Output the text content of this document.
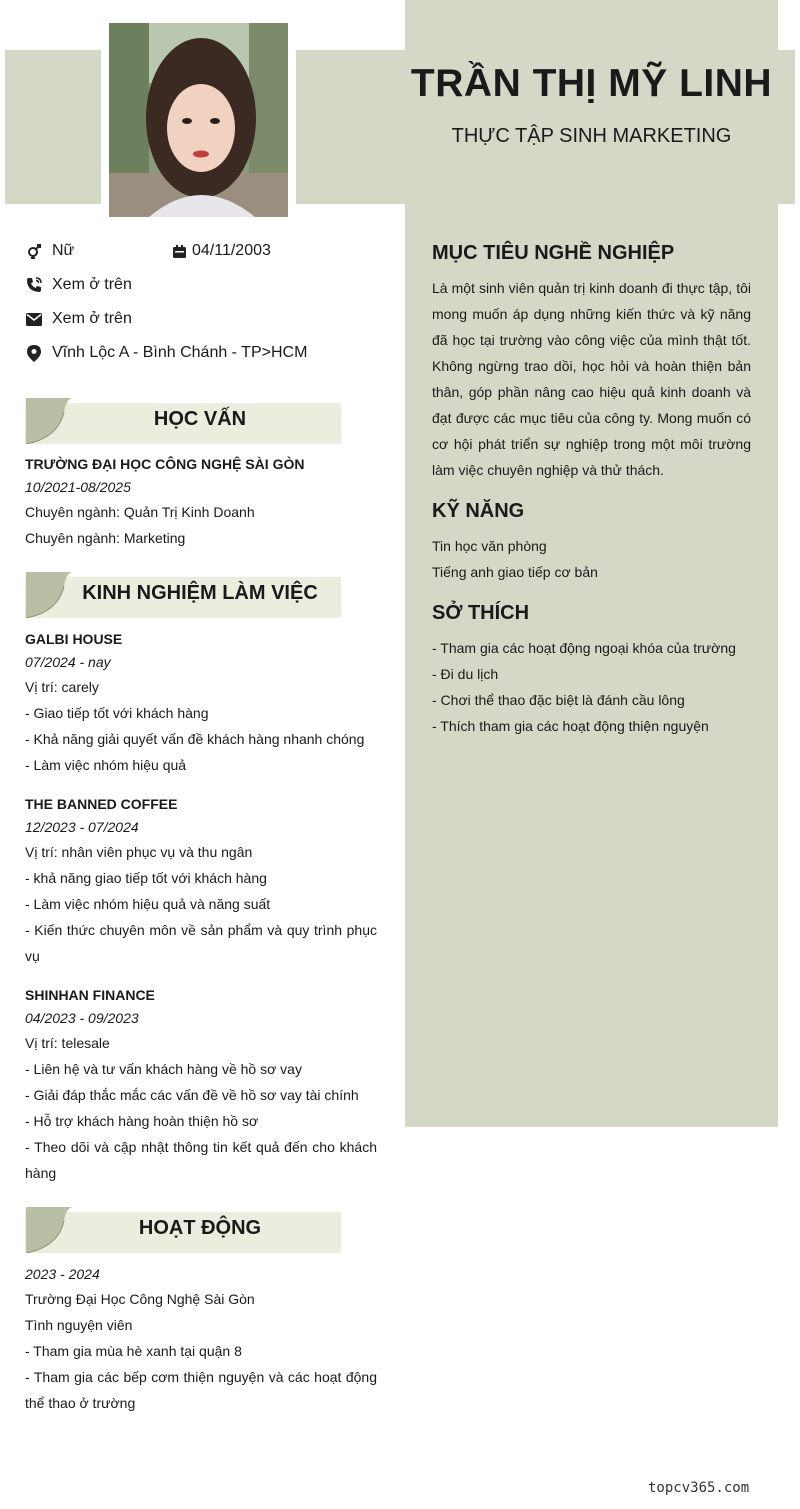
TRẦN THỊ MỸ LINH
THỰC TẬP SINH MARKETING
Nữ	04/11/2003
Xem ở trên
Xem ở trên
Vĩnh Lộc A - Bình Chánh - TP>HCM
HỌC VẤN
TRƯỜNG ĐẠI HỌC CÔNG NGHỆ SÀI GÒN
10/2021-08/2025
Chuyên ngành: Quản Trị Kinh Doanh
Chuyên ngành: Marketing
KINH NGHIỆM LÀM VIỆC
GALBI HOUSE
07/2024 - nay
Vị trí: carely
- Giao tiếp tốt với khách hàng
- Khả năng giải quyết vấn đề khách hàng nhanh chóng
- Làm việc nhóm hiệu quả
THE BANNED COFFEE
12/2023 - 07/2024
Vị trí: nhân viên phục vụ và thu ngân
- khả năng giao tiếp tốt với khách hàng
- Làm việc nhóm hiệu quả và năng suất
- Kiến thức chuyên môn về sản phẩm và quy trình phục vụ
SHINHAN FINANCE
04/2023 - 09/2023
Vị trí: telesale
- Liên hệ và tư vấn khách hàng về hồ sơ vay
- Giải đáp thắc mắc các vấn đề về hồ sơ vay tài chính
- Hỗ trợ khách hàng hoàn thiện hồ sơ
- Theo dõi và cập nhật thông tin kết quả đến cho khách hàng
HOẠT ĐỘNG
2023 - 2024
Trường Đại Học Công Nghệ Sài Gòn
Tình nguyện viên
- Tham gia mùa hè xanh tại quận 8
- Tham gia các bếp cơm thiện nguyện và các hoạt động thể thao ở trường
MỤC TIÊU NGHỀ NGHIỆP
Là một sinh viên quản trị kinh doanh đi thực tập, tôi mong muốn áp dụng những kiến thức và kỹ năng đã học tại trường vào công việc của mình thật tốt. Không ngừng trao dồi, học hỏi và hoàn thiện bản thân, góp phần nâng cao hiệu quả kinh doanh và đạt được các mục tiêu của công ty. Mong muốn có cơ hội phát triển sự nghiệp trong một môi trường làm việc chuyên nghiệp và thử thách.
KỸ NĂNG
Tin học văn phòng
Tiếng anh giao tiếp cơ bản
SỞ THÍCH
- Tham gia các hoạt động ngoại khóa của trường
- Đi du lịch
- Chơi thể thao đặc biệt là đánh cầu lông
- Thích tham gia các hoạt động thiện nguyện
topcv365.com
